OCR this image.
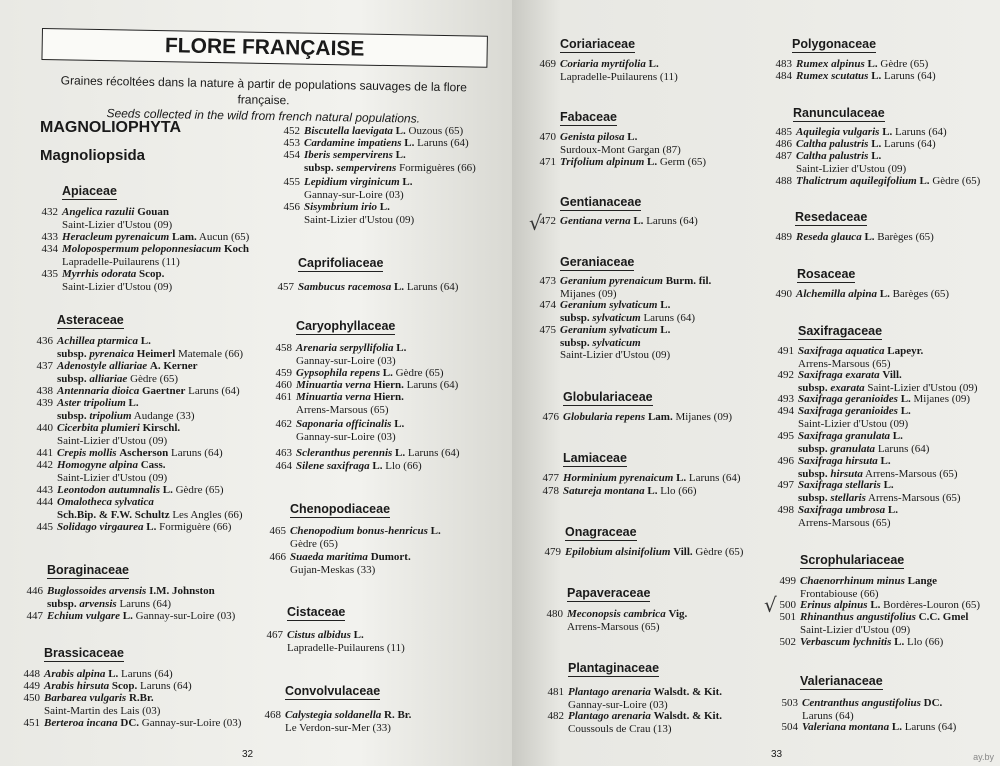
FLORE FRANÇAISE
Graines récoltées dans la nature à partir de populations sauvages de la flore française.
Seeds collected in the wild from french natural populations.
MAGNOLIOPHYTA
Magnoliopsida
Apiaceae
432 Angelica razulii Gouan
Saint-Lizier d'Ustou (09)
433 Heracleum pyrenaicum Lam. Aucun (65)
434 Molopospermum peloponnesiacum Koch
Lapradelle-Puilaurens (11)
435 Myrrhis odorata Scop.
Saint-Lizier d'Ustou (09)
Asteraceae
436 Achillea ptarmica L.
subsp. pyrenaica Heimerl Matemale (66)
437 Adenostyle alliariae A. Kerner
subsp. alliariae Gèdre (65)
438 Antennaria dioica Gaertner Laruns (64)
439 Aster tripolium L.
subsp. tripolium Audange (33)
440 Cicerbita plumieri Kirschl.
Saint-Lizier d'Ustou (09)
441 Crepis mollis Ascherson Laruns (64)
442 Homogyne alpina Cass.
Saint-Lizier d'Ustou (09)
443 Leontodon autumnalis L. Gèdre (65)
444 Omalotheca sylvatica
Sch.Bip. & F.W. Schultz Les Angles (66)
445 Solidago virgaurea L. Formiguère (66)
Boraginaceae
446 Buglossoides arvensis I.M. Johnston
subsp. arvensis Laruns (64)
447 Echium vulgare L. Gannay-sur-Loire (03)
Brassicaceae
448 Arabis alpina L. Laruns (64)
449 Arabis hirsuta Scop. Laruns (64)
450 Barbarea vulgaris R.Br.
Saint-Martin des Lais (03)
451 Berteroa incana DC. Gannay-sur-Loire (03)
452 Biscutella laevigata L. Ouzous (65)
453 Cardamine impatiens L. Laruns (64)
454 Iberis sempervirens L.
subsp. sempervirens Formiguères (66)
455 Lepidium virginicum L.
Gannay-sur-Loire (03)
456 Sisymbrium irio L.
Saint-Lizier d'Ustou (09)
Caprifoliaceae
457 Sambucus racemosa L. Laruns (64)
Caryophyllaceae
458 Arenaria serpyllifolia L.
Gannay-sur-Loire (03)
459 Gypsophila repens L. Gèdre (65)
460 Minuartia verna Hiern. Laruns (64)
461 Minuartia verna Hiern.
Arrens-Marsous (65)
462 Saponaria officinalis L.
Gannay-sur-Loire (03)
463 Scleranthus perennis L. Laruns (64)
464 Silene saxifraga L. Llo (66)
Chenopodiaceae
465 Chenopodium bonus-henricus L.
Gèdre (65)
466 Suaeda maritima Dumort.
Gujan-Meskas (33)
Cistaceae
467 Cistus albidus L.
Lapradelle-Puilaurens (11)
Convolvulaceae
468 Calystegia soldanella R. Br.
Le Verdon-sur-Mer (33)
32
Coriariaceae
469 Coriaria myrtifolia L.
Lapradelle-Puilaurens (11)
Fabaceae
470 Genista pilosa L.
Surdoux-Mont Gargan (87)
471 Trifolium alpinum L. Germ (65)
Gentianaceae
472 Gentiana verna L. Laruns (64)
Geraniaceae
473 Geranium pyrenaicum Burm. fil.
Mijanes (09)
474 Geranium sylvaticum L.
subsp. sylvaticum Laruns (64)
475 Geranium sylvaticum L.
subsp. sylvaticum
Saint-Lizier d'Ustou (09)
Globulariaceae
476 Globularia repens Lam. Mijanes (09)
Lamiaceae
477 Horminium pyrenaicum L. Laruns (64)
478 Satureja montana L. Llo (66)
Onagraceae
479 Epilobium alsinifolium Vill. Gèdre (65)
Papaveraceae
480 Meconopsis cambrica Vig.
Arrens-Marsous (65)
Plantaginaceae
481 Plantago arenaria Walsdt. & Kit.
Gannay-sur-Loire (03)
482 Plantago arenaria Walsdt. & Kit.
Coussouls de Crau (13)
Polygonaceae
483 Rumex alpinus L. Gèdre (65)
484 Rumex scutatus L. Laruns (64)
Ranunculaceae
485 Aquilegia vulgaris L. Laruns (64)
486 Caltha palustris L. Laruns (64)
487 Caltha palustris L.
Saint-Lizier d'Ustou (09)
488 Thalictrum aquilegifolium L. Gèdre (65)
Resedaceae
489 Reseda glauca L. Barèges (65)
Rosaceae
490 Alchemilla alpina L. Barèges (65)
Saxifragaceae
491 Saxifraga aquatica Lapeyr.
Arrens-Marsous (65)
492 Saxifraga exarata Vill.
subsp. exarata Saint-Lizier d'Ustou (09)
493 Saxifraga geranioides L. Mijanes (09)
494 Saxifraga geranioides L.
Saint-Lizier d'Ustou (09)
495 Saxifraga granulata L.
subsp. granulata Laruns (64)
496 Saxifraga hirsuta L.
subsp. hirsuta Arrens-Marsous (65)
497 Saxifraga stellaris L.
subsp. stellaris Arrens-Marsous (65)
498 Saxifraga umbrosa L.
Arrens-Marsous (65)
Scrophulariaceae
499 Chaenorrhinum minus Lange
Frontabiouse (66)
500 Erinus alpinus L. Bordères-Louron (65)
501 Rhinanthus angustifolius C.C. Gmel
Saint-Lizier d'Ustou (09)
502 Verbascum lychnitis L. Llo (66)
Valerianaceae
503 Centranthus angustifolius DC.
Laruns (64)
504 Valeriana montana L. Laruns (64)
√
√
33	ay.by
